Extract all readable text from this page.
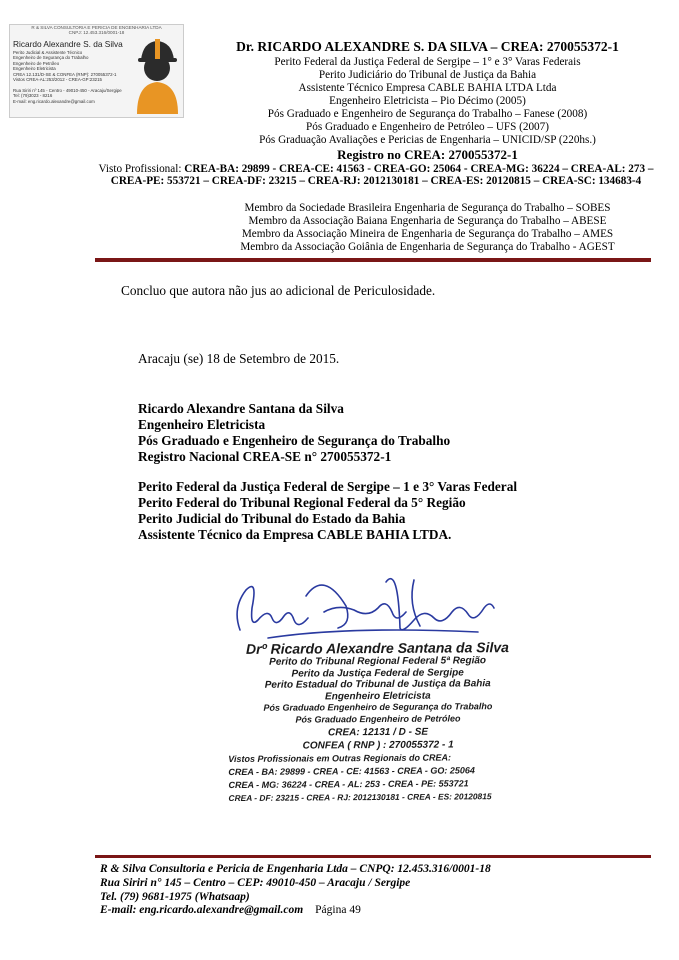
R & SILVA CONSULTORIA E PERICIA DE ENGENHARIA LTDA
CNPJ: 12.453.316/0001-18
Ricardo Alexandre S. da Silva
Perito Judicial & Assistente Técnico
Engenheiro de Segurança do Trabalho
Engenheiro de Petróleo
Engenheiro Eletricista
CREA 12.131/D-SE & CONFEA (RNP): 270055372-1
Vistos CREA-AL:253/2012 - CREA-GP:23215

Rua Siriri nº 145 - Centro - 49010-450 - Aracaju/Sergipe
Tel: (79)3023 - 8216
E-mail: eng.ricardo.alexandre@gmail.com
Dr. RICARDO ALEXANDRE S. DA SILVA – CREA: 270055372-1
Perito Federal da Justiça Federal de Sergipe – 1° e 3° Varas Federais
Perito Judiciário do Tribunal de Justiça da Bahia
Assistente Técnico Empresa CABLE BAHIA LTDA Ltda
Engenheiro Eletricista – Pio Décimo (2005)
Pós Graduado e Engenheiro de Segurança do Trabalho – Fanese (2008)
Pós Graduado e Engenheiro de Petróleo – UFS (2007)
Pós Graduação Avaliações e Pericias de Engenharia – UNICID/SP (220hs.)
Registro no CREA: 270055372-1
Visto Profissional: CREA-BA: 29899 - CREA-CE: 41563 - CREA-GO: 25064 - CREA-MG: 36224 – CREA-AL: 273 – CREA-PE: 553721 – CREA-DF: 23215 – CREA-RJ: 2012130181 – CREA-ES: 20120815 – CREA-SC: 134683-4
Membro da Sociedade Brasileira Engenharia de Segurança do Trabalho – SOBES
Membro da Associação Baiana Engenharia de Segurança do Trabalho – ABESE
Membro da Associação Mineira de Engenharia de Segurança do Trabalho – AMES
Membro da Associação Goiânia de Engenharia de Segurança do Trabalho - AGEST
Concluo que autora não jus ao adicional de Periculosidade.
Aracaju (se) 18 de Setembro de 2015.
Ricardo Alexandre Santana da Silva
Engenheiro Eletricista
Pós Graduado e Engenheiro de Segurança do Trabalho
Registro Nacional CREA-SE n° 270055372-1
Perito Federal da Justiça Federal de Sergipe – 1 e 3° Varas Federal
Perito Federal do Tribunal Regional Federal da 5° Região
Perito Judicial do Tribunal do Estado da Bahia
Assistente Técnico da Empresa CABLE BAHIA LTDA.
Drº Ricardo Alexandre Santana da Silva
Perito do Tribunal Regional Federal 5ª Região
Perito da Justiça Federal de Sergipe
Perito Estadual do Tribunal de Justiça da Bahia
Engenheiro Eletricista
Pós Graduado Engenheiro de Segurança do Trabalho
Pós Graduado Engenheiro de Petróleo
CREA: 12131 / D - SE
CONFEA ( RNP ) : 270055372 - 1
Vistos Profissionais em Outras Regionais do CREA:
CREA - BA: 29899 - CREA - CE: 41563 - CREA - GO: 25064
CREA - MG: 36224 - CREA - AL: 253 - CREA - PE: 553721
CREA - DF: 23215 - CREA - RJ: 2012130181 - CREA - ES: 20120815
R & Silva Consultoria e Pericia de Engenharia Ltda – CNPQ: 12.453.316/0001-18
Rua Siriri n° 145 – Centro – CEP: 49010-450 – Aracaju / Sergipe
Tel. (79) 9681-1975 (Whatsaap)
E-mail: eng.ricardo.alexandre@gmail.com Página 49
